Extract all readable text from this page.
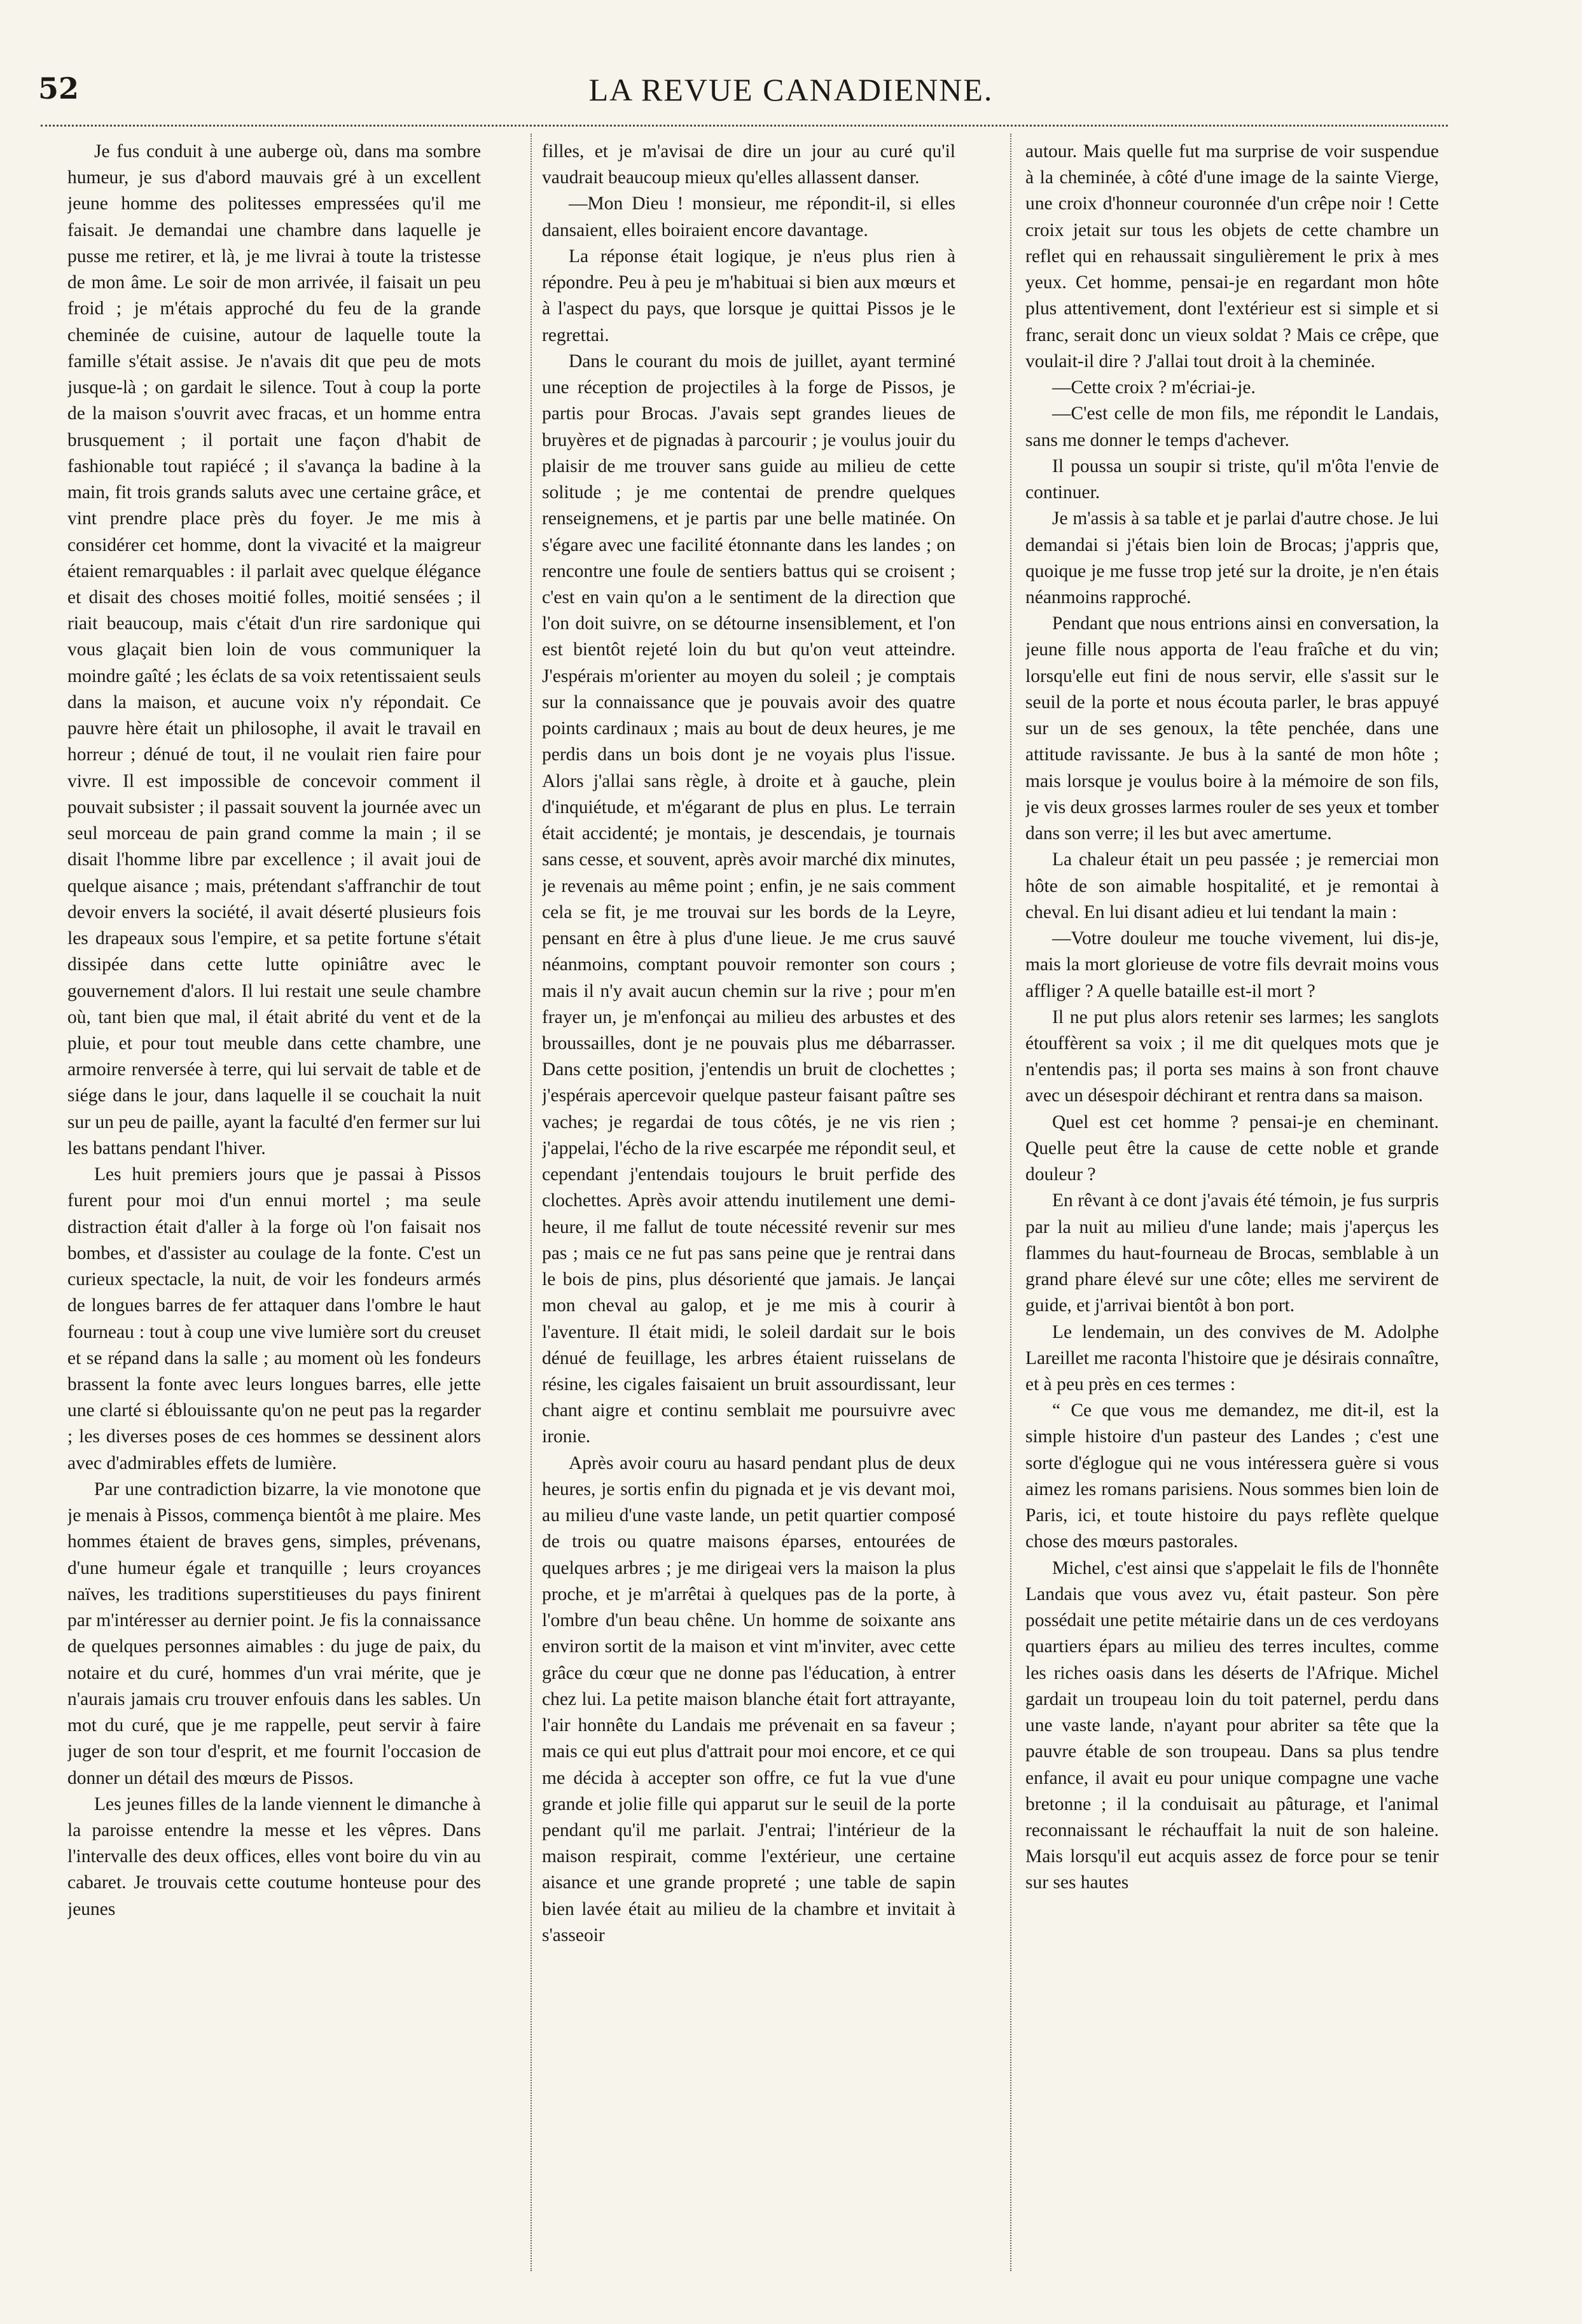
52	LA REVUE CANADIENNE.

Je fus conduit à une auberge où, dans ma sombre humeur, je sus d'abord mauvais gré à un excellent jeune homme des politesses empressées qu'il me faisait. Je demandai une chambre dans laquelle je pusse me retirer, et là, je me livrai à toute la tristesse de mon âme. Le soir de mon arrivée, il faisait un peu froid ; je m'étais approché du feu de la grande cheminée de cuisine, autour de laquelle toute la famille s'était assise. Je n'avais dit que peu de mots jusque-là ; on gardait le silence. Tout à coup la porte de la maison s'ouvrit avec fracas, et un homme entra brusquement ; il portait une façon d'habit de fashionable tout rapiécé ; il s'avança la badine à la main, fit trois grands saluts avec une certaine grâce, et vint prendre place près du foyer. Je me mis à considérer cet homme, dont la vivacité et la maigreur étaient remarquables : il parlait avec quelque élégance et disait des choses moitié folles, moitié sensées ; il riait beaucoup, mais c'était d'un rire sardonique qui vous glaçait bien loin de vous communiquer la moindre gaîté ; les éclats de sa voix retentissaient seuls dans la maison, et aucune voix n'y répondait. Ce pauvre hère était un philosophe, il avait le travail en horreur ; dénué de tout, il ne voulait rien faire pour vivre. Il est impossible de concevoir comment il pouvait subsister ; il passait souvent la journée avec un seul morceau de pain grand comme la main ; il se disait l'homme libre par excellence ; il avait joui de quelque aisance ; mais, prétendant s'affranchir de tout devoir envers la société, il avait déserté plusieurs fois les drapeaux sous l'empire, et sa petite fortune s'était dissipée dans cette lutte opiniâtre avec le gouvernement d'alors. Il lui restait une seule chambre où, tant bien que mal, il était abrité du vent et de la pluie, et pour tout meuble dans cette chambre, une armoire renversée à terre, qui lui servait de table et de siége dans le jour, dans laquelle il se couchait la nuit sur un peu de paille, ayant la faculté d'en fermer sur lui les battans pendant l'hiver.

Les huit premiers jours que je passai à Pissos furent pour moi d'un ennui mortel ; ma seule distraction était d'aller à la forge où l'on faisait nos bombes, et d'assister au coulage de la fonte. C'est un curieux spectacle, la nuit, de voir les fondeurs armés de longues barres de fer attaquer dans l'ombre le haut fourneau : tout à coup une vive lumière sort du creuset et se répand dans la salle ; au moment où les fondeurs brassent la fonte avec leurs longues barres, elle jette une clarté si éblouissante qu'on ne peut pas la regarder ; les diverses poses de ces hommes se dessinent alors avec d'admirables effets de lumière.

Par une contradiction bizarre, la vie monotone que je menais à Pissos, commença bientôt à me plaire. Mes hommes étaient de braves gens, simples, prévenans, d'une humeur égale et tranquille ; leurs croyances naïves, les traditions superstitieuses du pays finirent par m'intéresser au dernier point. Je fis la connaissance de quelques personnes aimables : du juge de paix, du notaire et du curé, hommes d'un vrai mérite, que je n'aurais jamais cru trouver enfouis dans les sables. Un mot du curé, que je me rappelle, peut servir à faire juger de son tour d'esprit, et me fournit l'occasion de donner un détail des mœurs de Pissos.

Les jeunes filles de la lande viennent le dimanche à la paroisse entendre la messe et les vêpres. Dans l'intervalle des deux offices, elles vont boire du vin au cabaret. Je trouvais cette coutume honteuse pour des jeunes

filles, et je m'avisai de dire un jour au curé qu'il vaudrait beaucoup mieux qu'elles allassent danser.

—Mon Dieu ! monsieur, me répondit-il, si elles dansaient, elles boiraient encore davantage.

La réponse était logique, je n'eus plus rien à répondre. Peu à peu je m'habituai si bien aux mœurs et à l'aspect du pays, que lorsque je quittai Pissos je le regrettai.

Dans le courant du mois de juillet, ayant terminé une réception de projectiles à la forge de Pissos, je partis pour Brocas. J'avais sept grandes lieues de bruyères et de pignadas à parcourir ; je voulus jouir du plaisir de me trouver sans guide au milieu de cette solitude ; je me contentai de prendre quelques renseignemens, et je partis par une belle matinée. On s'égare avec une facilité étonnante dans les landes ; on rencontre une foule de sentiers battus qui se croisent ; c'est en vain qu'on a le sentiment de la direction que l'on doit suivre, on se détourne insensiblement, et l'on est bientôt rejeté loin du but qu'on veut atteindre. J'espérais m'orienter au moyen du soleil ; je comptais sur la connaissance que je pouvais avoir des quatre points cardinaux ; mais au bout de deux heures, je me perdis dans un bois dont je ne voyais plus l'issue. Alors j'allai sans règle, à droite et à gauche, plein d'inquiétude, et m'égarant de plus en plus. Le terrain était accidenté; je montais, je descendais, je tournais sans cesse, et souvent, après avoir marché dix minutes, je revenais au même point ; enfin, je ne sais comment cela se fit, je me trouvai sur les bords de la Leyre, pensant en être à plus d'une lieue. Je me crus sauvé néanmoins, comptant pouvoir remonter son cours ; mais il n'y avait aucun chemin sur la rive ; pour m'en frayer un, je m'enfonçai au milieu des arbustes et des broussailles, dont je ne pouvais plus me débarrasser. Dans cette position, j'entendis un bruit de clochettes ; j'espérais apercevoir quelque pasteur faisant paître ses vaches; je regardai de tous côtés, je ne vis rien ; j'appelai, l'écho de la rive escarpée me répondit seul, et cependant j'entendais toujours le bruit perfide des clochettes. Après avoir attendu inutilement une demi-heure, il me fallut de toute nécessité revenir sur mes pas ; mais ce ne fut pas sans peine que je rentrai dans le bois de pins, plus désorienté que jamais. Je lançai mon cheval au galop, et je me mis à courir à l'aventure. Il était midi, le soleil dardait sur le bois dénué de feuillage, les arbres étaient ruisselans de résine, les cigales faisaient un bruit assourdissant, leur chant aigre et continu semblait me poursuivre avec ironie.

Après avoir couru au hasard pendant plus de deux heures, je sortis enfin du pignada et je vis devant moi, au milieu d'une vaste lande, un petit quartier composé de trois ou quatre maisons éparses, entourées de quelques arbres ; je me dirigeai vers la maison la plus proche, et je m'arrêtai à quelques pas de la porte, à l'ombre d'un beau chêne. Un homme de soixante ans environ sortit de la maison et vint m'inviter, avec cette grâce du cœur que ne donne pas l'éducation, à entrer chez lui. La petite maison blanche était fort attrayante, l'air honnête du Landais me prévenait en sa faveur ; mais ce qui eut plus d'attrait pour moi encore, et ce qui me décida à accepter son offre, ce fut la vue d'une grande et jolie fille qui apparut sur le seuil de la porte pendant qu'il me parlait. J'entrai; l'intérieur de la maison respirait, comme l'extérieur, une certaine aisance et une grande propreté ; une table de sapin bien lavée était au milieu de la chambre et invitait à s'asseoir

autour. Mais quelle fut ma surprise de voir suspendue à la cheminée, à côté d'une image de la sainte Vierge, une croix d'honneur couronnée d'un crêpe noir ! Cette croix jetait sur tous les objets de cette chambre un reflet qui en rehaussait singulièrement le prix à mes yeux. Cet homme, pensai-je en regardant mon hôte plus attentivement, dont l'extérieur est si simple et si franc, serait donc un vieux soldat ? Mais ce crêpe, que voulait-il dire ? J'allai tout droit à la cheminée.

—Cette croix ? m'écriai-je.

—C'est celle de mon fils, me répondit le Landais, sans me donner le temps d'achever.

Il poussa un soupir si triste, qu'il m'ôta l'envie de continuer.

Je m'assis à sa table et je parlai d'autre chose. Je lui demandai si j'étais bien loin de Brocas; j'appris que, quoique je me fusse trop jeté sur la droite, je n'en étais néanmoins rapproché.

Pendant que nous entrions ainsi en conversation, la jeune fille nous apporta de l'eau fraîche et du vin; lorsqu'elle eut fini de nous servir, elle s'assit sur le seuil de la porte et nous écouta parler, le bras appuyé sur un de ses genoux, la tête penchée, dans une attitude ravissante. Je bus à la santé de mon hôte ; mais lorsque je voulus boire à la mémoire de son fils, je vis deux grosses larmes rouler de ses yeux et tomber dans son verre; il les but avec amertume.

La chaleur était un peu passée ; je remerciai mon hôte de son aimable hospitalité, et je remontai à cheval. En lui disant adieu et lui tendant la main :

—Votre douleur me touche vivement, lui dis-je, mais la mort glorieuse de votre fils devrait moins vous affliger ? A quelle bataille est-il mort ?

Il ne put plus alors retenir ses larmes; les sanglots étouffèrent sa voix ; il me dit quelques mots que je n'entendis pas; il porta ses mains à son front chauve avec un désespoir déchirant et rentra dans sa maison.

Quel est cet homme ? pensai-je en cheminant. Quelle peut être la cause de cette noble et grande douleur ?

En rêvant à ce dont j'avais été témoin, je fus surpris par la nuit au milieu d'une lande; mais j'aperçus les flammes du haut-fourneau de Brocas, semblable à un grand phare élevé sur une côte; elles me servirent de guide, et j'arrivai bientôt à bon port.

Le lendemain, un des convives de M. Adolphe Lareillet me raconta l'histoire que je désirais connaître, et à peu près en ces termes :

“ Ce que vous me demandez, me dit-il, est la simple histoire d'un pasteur des Landes ; c'est une sorte d'églogue qui ne vous intéressera guère si vous aimez les romans parisiens. Nous sommes bien loin de Paris, ici, et toute histoire du pays reflète quelque chose des mœurs pastorales.

Michel, c'est ainsi que s'appelait le fils de l'honnête Landais que vous avez vu, était pasteur. Son père possédait une petite métairie dans un de ces verdoyans quartiers épars au milieu des terres incultes, comme les riches oasis dans les déserts de l'Afrique. Michel gardait un troupeau loin du toit paternel, perdu dans une vaste lande, n'ayant pour abriter sa tête que la pauvre étable de son troupeau. Dans sa plus tendre enfance, il avait eu pour unique compagne une vache bretonne ; il la conduisait au pâturage, et l'animal reconnaissant le réchauffait la nuit de son haleine. Mais lorsqu'il eut acquis assez de force pour se tenir sur ses hautes
